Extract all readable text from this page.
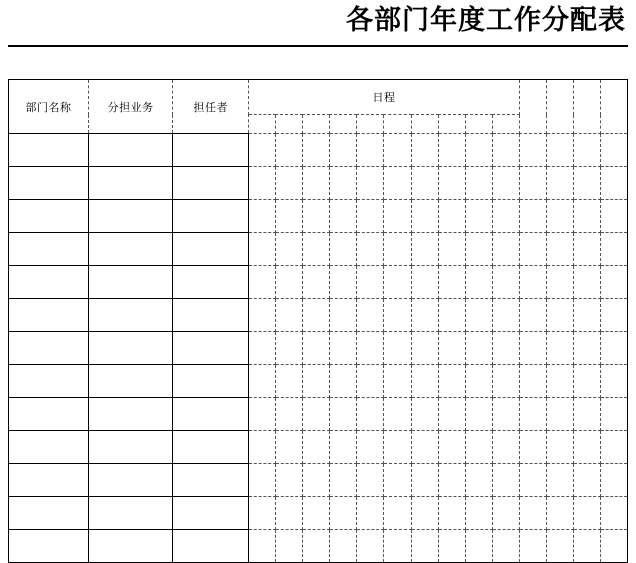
各部门年度工作分配表
部门名称	分担业务	担任者	日程													
